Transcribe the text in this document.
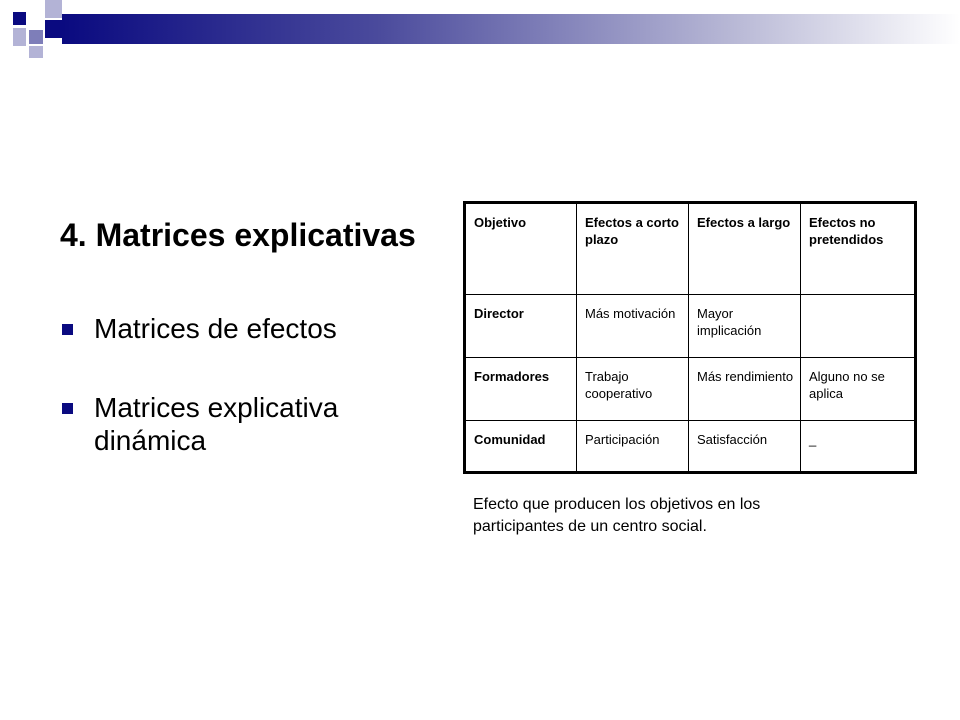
4. Matrices explicativas
Matrices de efectos
Matrices explicativa dinámica
Objetivo	Efectos a corto plazo	Efectos a largo	Efectos no pretendidos
Director	Más motivación	Mayor implicación	
Formadores	Trabajo cooperativo	Más rendimiento	Alguno no se aplica
Comunidad	Participación	Satisfacción	_
Efecto que producen los objetivos en los participantes de un centro social.
